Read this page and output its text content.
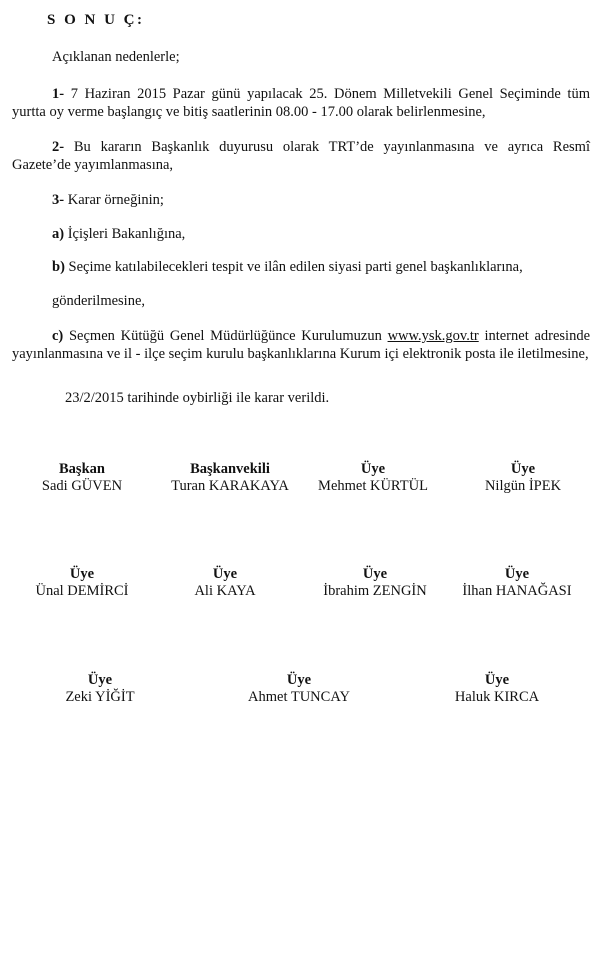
S O N U Ç:
Açıklanan nedenlerle;
1- 7 Haziran 2015 Pazar günü yapılacak 25. Dönem Milletvekili Genel Seçiminde tüm yurtta oy verme başlangıç ve bitiş saatlerinin 08.00 - 17.00 olarak belirlenmesine,
2- Bu kararın Başkanlık duyurusu olarak TRT’de yayınlanmasına ve ayrıca Resmî Gazete’de yayımlanmasına,
3- Karar örneğinin;
a) İçişleri Bakanlığına,
b) Seçime katılabilecekleri tespit ve ilân edilen siyasi parti genel başkanlıklarına,
gönderilmesine,
c) Seçmen Kütüğü Genel Müdürlüğünce Kurulumuzun www.ysk.gov.tr internet adresinde yayınlanmasına ve il - ilçe seçim kurulu başkanlıklarına Kurum içi elektronik posta ile iletilmesine,
23/2/2015 tarihinde oybirliği ile karar verildi.
Başkan
Sadi GÜVEN
Başkanvekili
Turan KARAKAYA
Üye
Mehmet KÜRTÜL
Üye
Nilgün İPEK
Üye
Ünal DEMİRCİ
Üye
Ali KAYA
Üye
İbrahim ZENGİN
Üye
İlhan HANAĞASI
Üye
Zeki YİĞİT
Üye
Ahmet TUNCAY
Üye
Haluk KIRCA
